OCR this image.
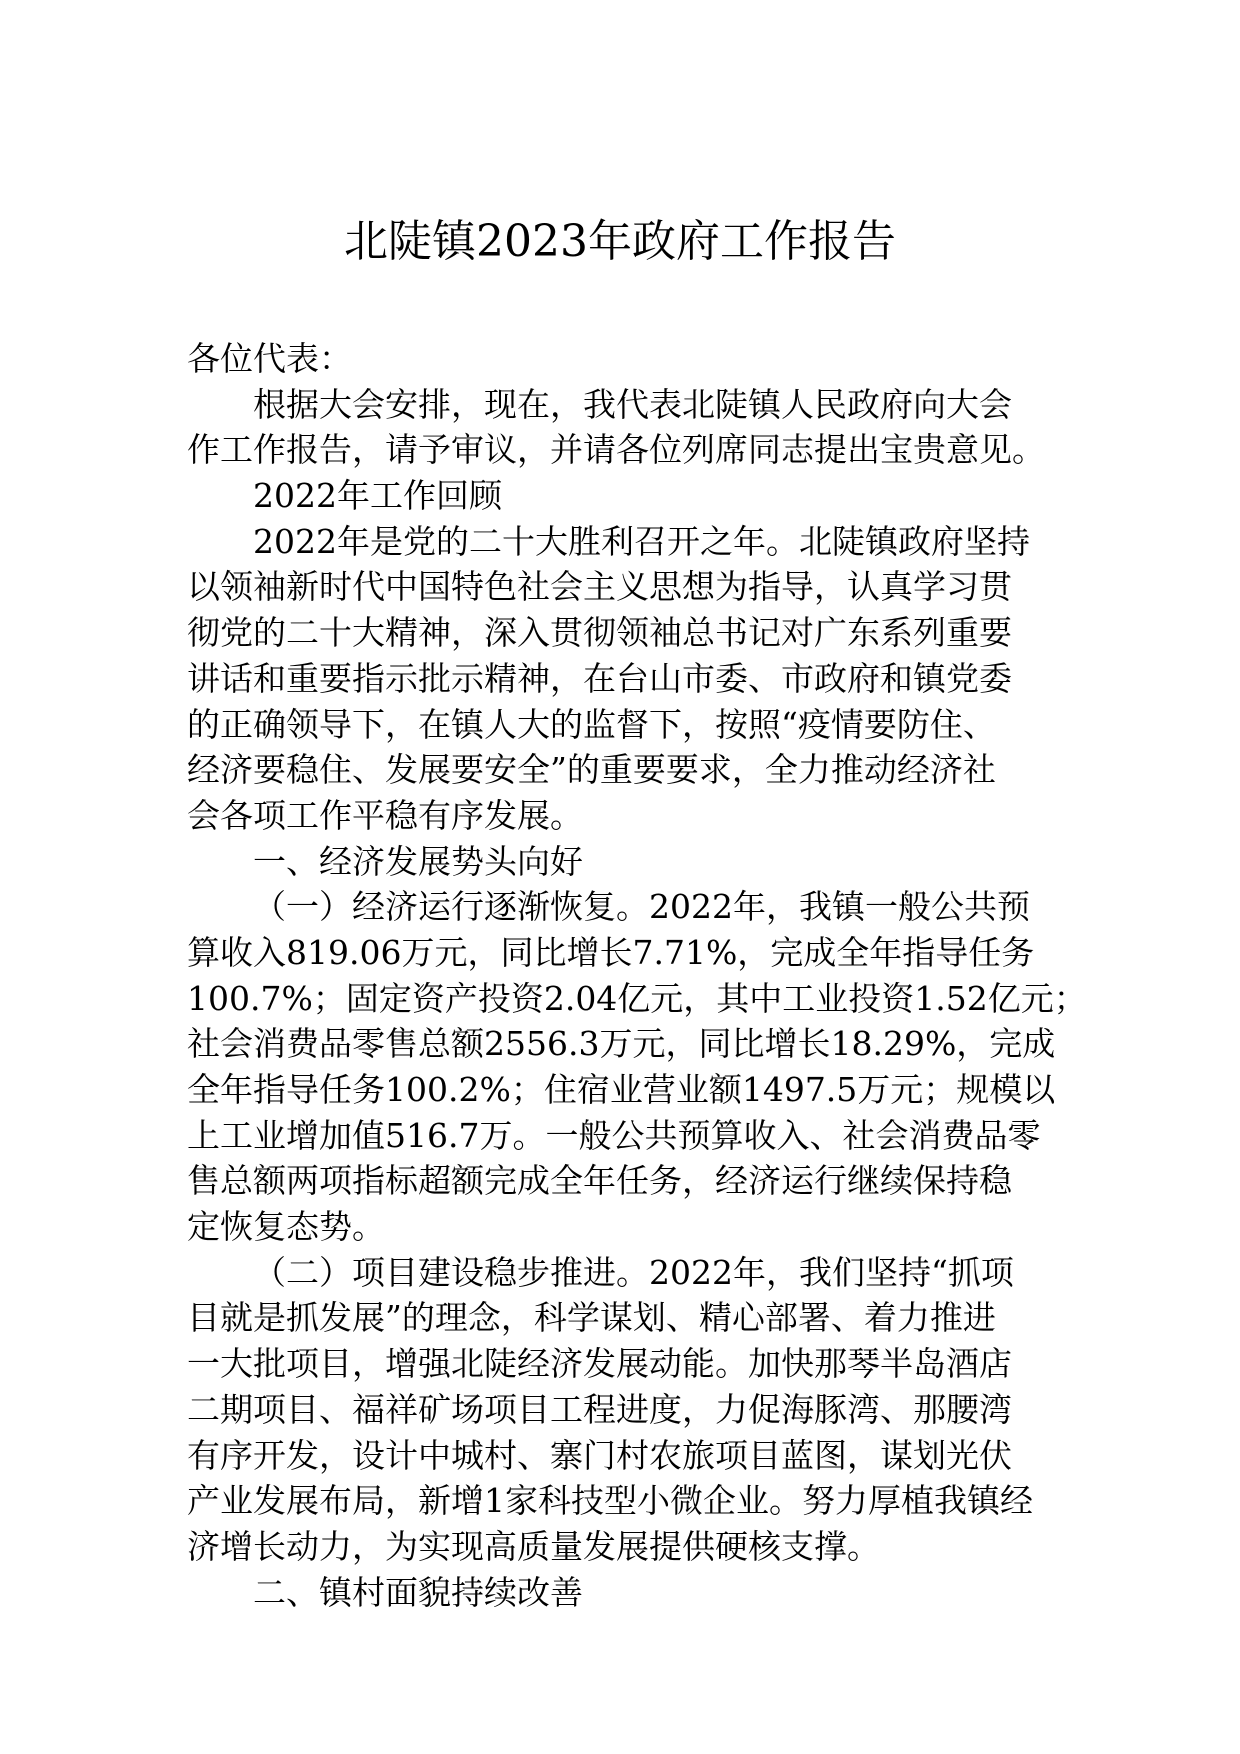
北陡镇2023年政府工作报告
各位代表：
根据大会安排，现在，我代表北陡镇人民政府向大会
作工作报告，请予审议，并请各位列席同志提出宝贵意见。
2022年工作回顾
2022年是党的二十大胜利召开之年。北陡镇政府坚持
以领袖新时代中国特色社会主义思想为指导，认真学习贯
彻党的二十大精神，深入贯彻领袖总书记对广东系列重要
讲话和重要指示批示精神，在台山市委、市政府和镇党委
的正确领导下，在镇人大的监督下，按照“疫情要防住、
经济要稳住、发展要安全”的重要要求，全力推动经济社
会各项工作平稳有序发展。
一、经济发展势头向好
（一）经济运行逐渐恢复。2022年，我镇一般公共预
算收入819.06万元，同比增长7.71%，完成全年指导任务
100.7%；固定资产投资2.04亿元，其中工业投资1.52亿元；
社会消费品零售总额2556.3万元，同比增长18.29%，完成
全年指导任务100.2%；住宿业营业额1497.5万元；规模以
上工业增加值516.7万。一般公共预算收入、社会消费品零
售总额两项指标超额完成全年任务，经济运行继续保持稳
定恢复态势。
（二）项目建设稳步推进。2022年，我们坚持“抓项
目就是抓发展”的理念，科学谋划、精心部署、着力推进
一大批项目，增强北陡经济发展动能。加快那琴半岛酒店
二期项目、福祥矿场项目工程进度，力促海豚湾、那腰湾
有序开发，设计中城村、寨门村农旅项目蓝图，谋划光伏
产业发展布局，新增1家科技型小微企业。努力厚植我镇经
济增长动力，为实现高质量发展提供硬核支撑。
二、镇村面貌持续改善
